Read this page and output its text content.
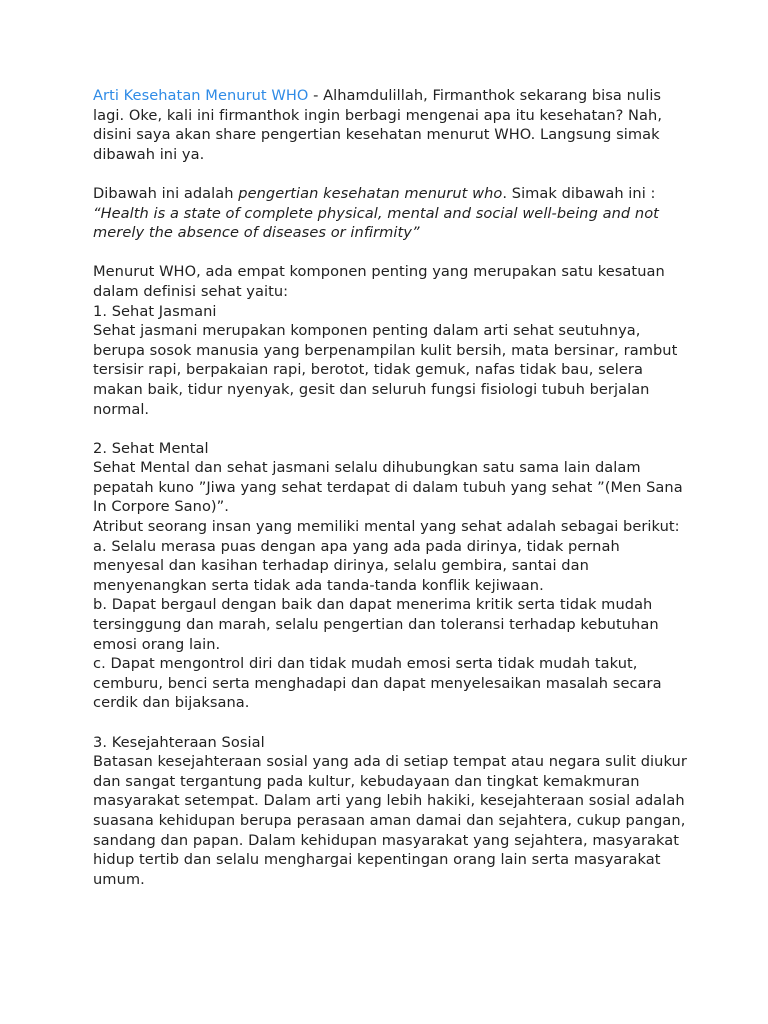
Arti Kesehatan Menurut WHO - Alhamdulillah, Firmanthok sekarang bisa nulis lagi. Oke, kali ini firmanthok ingin berbagi mengenai apa itu kesehatan? Nah, disini saya akan share pengertian kesehatan menurut WHO. Langsung simak dibawah ini ya.

Dibawah ini adalah pengertian kesehatan menurut who. Simak dibawah ini :

“Health is a state of complete physical, mental and social well-being and not merely the absence of diseases or infirmity”

Menurut WHO, ada empat komponen penting yang merupakan satu kesatuan dalam definisi sehat yaitu:

1. Sehat Jasmani

Sehat jasmani merupakan komponen penting dalam arti sehat seutuhnya, berupa sosok manusia yang berpenampilan kulit bersih, mata bersinar, rambut tersisir rapi, berpakaian rapi, berotot, tidak gemuk, nafas tidak bau, selera makan baik, tidur nyenyak, gesit dan seluruh fungsi fisiologi tubuh berjalan normal.

2. Sehat Mental

Sehat Mental dan sehat jasmani selalu dihubungkan satu sama lain dalam pepatah kuno ”Jiwa yang sehat terdapat di dalam tubuh yang sehat ”(Men Sana In Corpore Sano)”.

Atribut seorang insan yang memiliki mental yang sehat adalah sebagai berikut:

a. Selalu merasa puas dengan apa yang ada pada dirinya, tidak pernah menyesal dan kasihan terhadap dirinya, selalu gembira, santai dan menyenangkan serta tidak ada tanda-tanda konflik kejiwaan.

b. Dapat bergaul dengan baik dan dapat menerima kritik serta tidak mudah tersinggung dan marah, selalu pengertian dan toleransi terhadap kebutuhan emosi orang lain.

c. Dapat mengontrol diri dan tidak mudah emosi serta tidak mudah takut, cemburu, benci serta menghadapi dan dapat menyelesaikan masalah secara cerdik dan bijaksana.

3. Kesejahteraan Sosial

Batasan kesejahteraan sosial yang ada di setiap tempat atau negara sulit diukur dan sangat tergantung pada kultur, kebudayaan dan tingkat kemakmuran masyarakat setempat. Dalam arti yang lebih hakiki, kesejahteraan sosial adalah suasana kehidupan berupa perasaan aman damai dan sejahtera, cukup pangan, sandang dan papan. Dalam kehidupan masyarakat yang sejahtera, masyarakat hidup tertib dan selalu menghargai kepentingan orang lain serta masyarakat umum.
